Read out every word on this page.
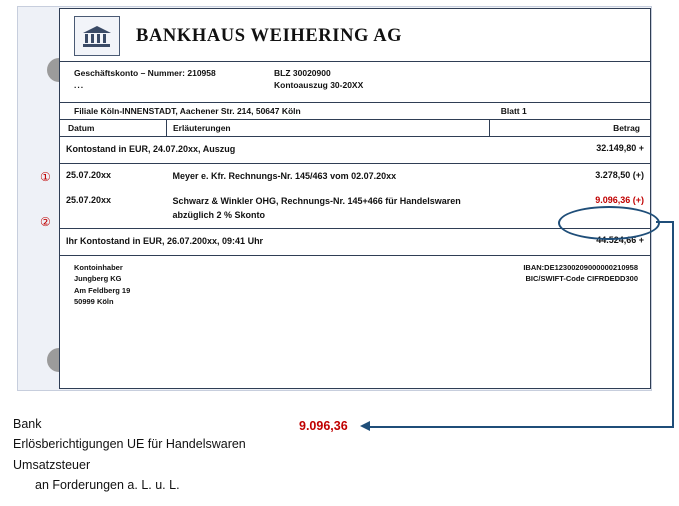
BANKHAUS WEIHERING AG
Geschäftskonto – Nummer: 210958	BLZ 30020900
...	Kontoauszug 30-20XX
Filiale Köln-INNENSTADT, Aachener Str. 214, 50647 Köln	Blatt 1
Datum	Erläuterungen	Betrag
Kontostand in EUR, 24.07.20xx, Auszug		32.149,80 +

25.07.20xx	Meyer e. Kfr. Rechnungs-Nr. 145/463 vom 02.07.20xx	3.278,50 (+)
25.07.20xx	Schwarz & Winkler OHG, Rechnungs-Nr. 145+466 für Handelswaren abzüglich 2 % Skonto	9.096,36 (+)
Ihr Kontostand in EUR, 26.07.200xx, 09:41 Uhr		44.524,66 +
Kontoinhaber
Jungberg KG
Am Feldberg 19
50999 Köln
IBAN:DE12300209000000210958
BIC/SWIFT-Code CIFRDEDD300
①
②
Bank
Erlösberichtigungen UE für Handelswaren
Umsatzsteuer
an Forderungen a. L. u. L.
9.096,36
